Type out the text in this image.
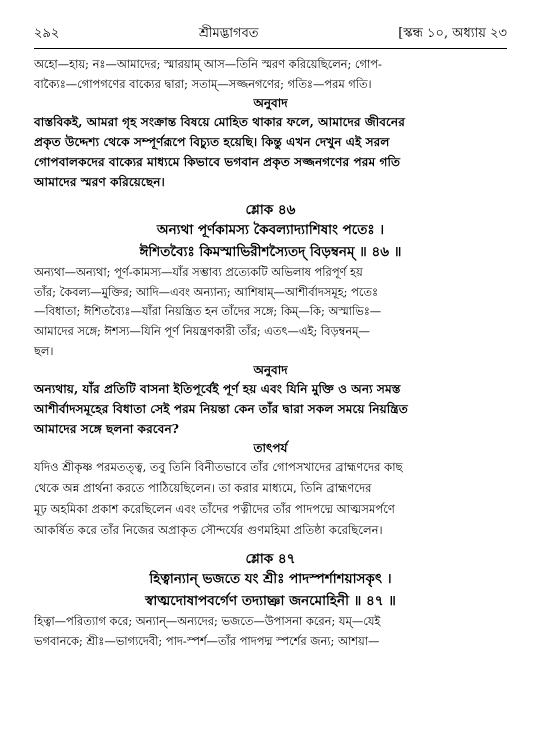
২৯২	শ্রীমদ্ভাগবত	[স্কন্ধ ১০, অধ্যায় ২৩

অহো—হায়; নঃ—আমাদের; স্মারয়াম্ আস—তিনি স্মরণ করিয়েছিলেন; গোপ-

বাক্যৈঃ—গোপগণের বাক্যের দ্বারা; সতাম্—সজ্জনগণের; গতিঃ—পরম গতি।

অনুবাদ

বাস্তবিকই, আমরা গৃহ সংক্রান্ত বিষয়ে মোহিত থাকার ফলে, আমাদের জীবনের

প্রকৃত উদ্দেশ্য থেকে সম্পূর্ণরূপে বিচ্যুত হয়েছি। কিন্তু এখন দেখুন এই সরল

গোপবালকদের বাক্যের মাধ্যমে কিভাবে ভগবান প্রকৃত সজ্জনগণের পরম গতি

আমাদের স্মরণ করিয়েছেন।

শ্লোক ৪৬
অন্যথা পূর্ণকামস্য কৈবল্যাদ্যাশিষাং পতেঃ ।
ঈশিতব্যৈঃ কিমস্মাভিরীশস্যৈতদ্ বিড়ম্বনম্ ॥ ৪৬ ॥

অন্যথা—অন্যথা; পূর্ণ-কামস্য—যাঁর সম্ভাব্য প্রত্যেকটি অভিলাষ পরিপূর্ণ হয়

তাঁর; কৈবল্য—মুক্তির; আদি—এবং অন্যান্য; আশিষাম্—আশীর্বাদসমূহ; পতেঃ

—বিধাতা; ঈশিতব্যৈঃ—যাঁরা নিয়ন্ত্রিত হন তাঁদের সঙ্গে; কিম্—কি; অস্মাভিঃ—

আমাদের সঙ্গে; ঈশস্য—যিনি পূর্ণ নিয়ন্ত্রণকারী তাঁর; এতৎ—এই; বিড়ম্বনম্—

ছল।

অনুবাদ

অন্যথায়, যাঁর প্রতিটি বাসনা ইতিপূর্বেই পূর্ণ হয় এবং যিনি মুক্তি ও অন্য সমস্ত

আশীর্বাদসমূহের বিধাতা সেই পরম নিয়ন্তা কেন তাঁর দ্বারা সকল সময়ে নিয়ন্ত্রিত

আমাদের সঙ্গে ছলনা করবেন?

তাৎপর্য

যদিও শ্রীকৃষ্ণ পরমতত্ত্ব, তবু তিনি বিনীতভাবে তাঁর গোপসখাদের ব্রাহ্মণদের কাছ

থেকে অন্ন প্রার্থনা করতে পাঠিয়েছিলেন। তা করার মাধ্যমে, তিনি ব্রাহ্মণদের

মূঢ় অহমিকা প্রকাশ করেছিলেন এবং তাঁদের পত্নীদের তাঁর পাদপদ্মে আত্মসমর্পণে

আকর্ষিত করে তাঁর নিজের অপ্রাকৃত সৌন্দর্যের গুণমহিমা প্রতিষ্ঠা করেছিলেন।

শ্লোক ৪৭
হিত্বান্যান্ ভজতে যং শ্রীঃ পাদস্পর্শাশয়াসকৃৎ ।
স্বাত্মদোষাপবর্গেণ তদ্যাচ্ঞা জনমোহিনী ॥ ৪৭ ॥

হিত্বা—পরিত্যাগ করে; অন্যান্—অন্যদের; ভজতে—উপাসনা করেন; যম্—যেই

ভগবানকে; শ্রীঃ—ভাগ্যদেবী; পাদ-স্পর্শ—তাঁর পাদপদ্ম স্পর্শের জন্য; আশয়া—
